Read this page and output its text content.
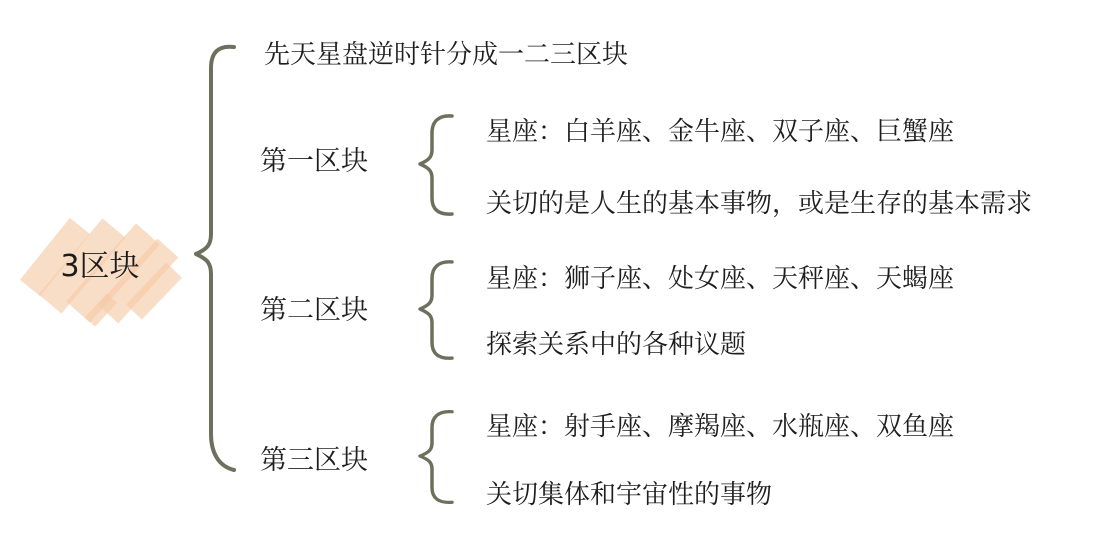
3区块
先天星盘逆时针分成一二三区块
第一区块
星座：白羊座、金牛座、双子座、巨蟹座
关切的是人生的基本事物，或是生存的基本需求
第二区块
星座：狮子座、处女座、天秤座、天蝎座
探索关系中的各种议题
第三区块
星座：射手座、摩羯座、水瓶座、双鱼座
关切集体和宇宙性的事物
